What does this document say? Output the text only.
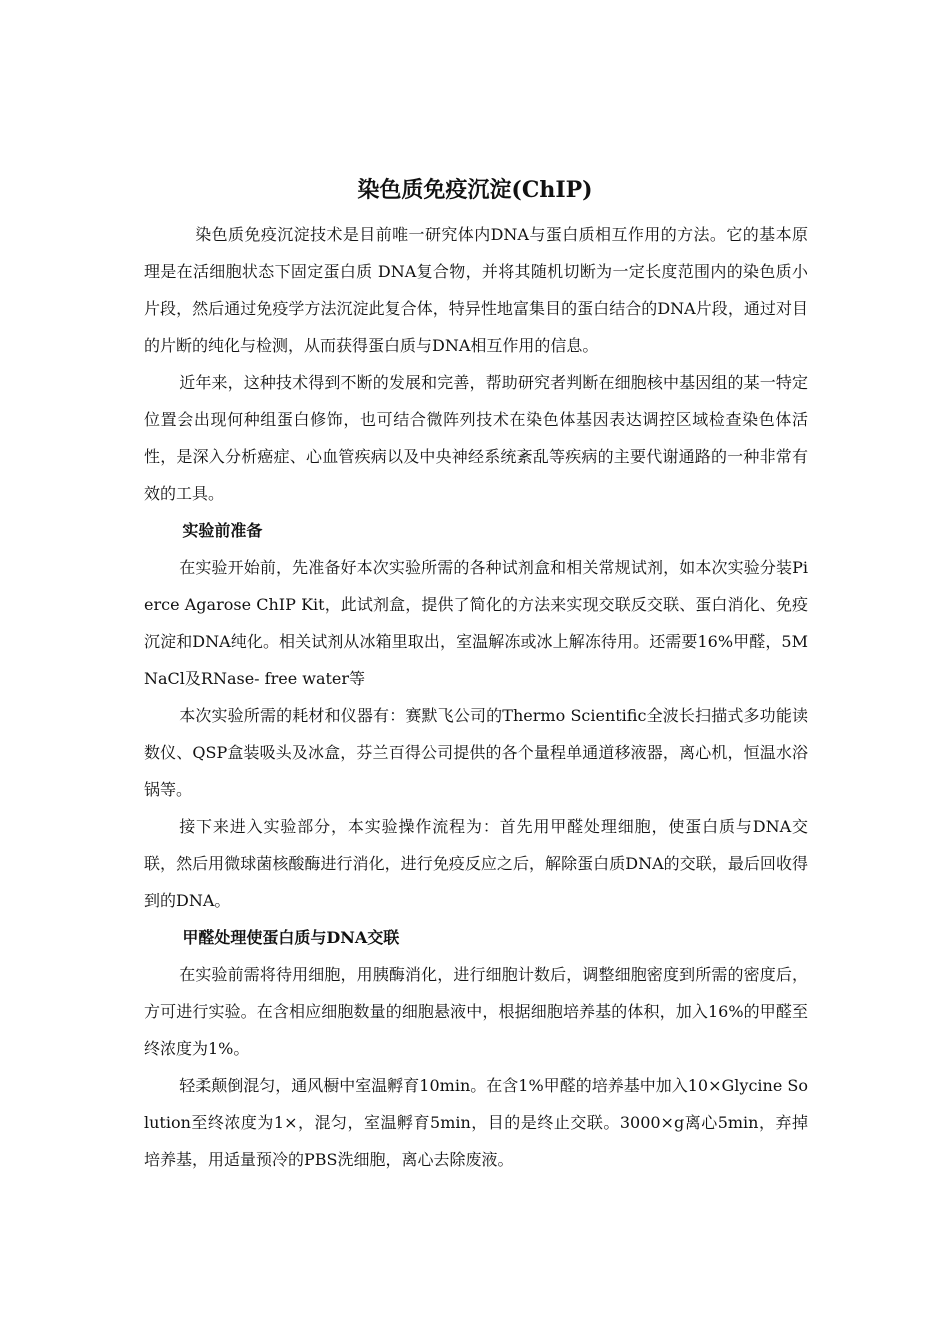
染色质免疫沉淀(ChIP)

染色质免疫沉淀技术是目前唯一研究体内DNA与蛋白质相互作用的方法。它的基本原理是在活细胞状态下固定蛋白质 DNA复合物，并将其随机切断为一定长度范围内的染色质小片段，然后通过免疫学方法沉淀此复合体，特异性地富集目的蛋白结合的DNA片段，通过对目的片断的纯化与检测，从而获得蛋白质与DNA相互作用的信息。

近年来，这种技术得到不断的发展和完善，帮助研究者判断在细胞核中基因组的某一特定位置会出现何种组蛋白修饰，也可结合微阵列技术在染色体基因表达调控区域检查染色体活性，是深入分析癌症、心血管疾病以及中央神经系统紊乱等疾病的主要代谢通路的一种非常有效的工具。

实验前准备

在实验开始前，先准备好本次实验所需的各种试剂盒和相关常规试剂，如本次实验分装Pierce Agarose ChIP Kit，此试剂盒，提供了简化的方法来实现交联反交联、蛋白消化、免疫沉淀和DNA纯化。相关试剂从冰箱里取出，室温解冻或冰上解冻待用。还需要16%甲醛，5M NaCl及RNase- free water等

本次实验所需的耗材和仪器有：赛默飞公司的Thermo Scientific全波长扫描式多功能读数仪、QSP盒装吸头及冰盒，芬兰百得公司提供的各个量程单通道移液器，离心机，恒温水浴锅等。

接下来进入实验部分，本实验操作流程为：首先用甲醛处理细胞，使蛋白质与DNA交联，然后用微球菌核酸酶进行消化，进行免疫反应之后，解除蛋白质DNA的交联，最后回收得到的DNA。

甲醛处理使蛋白质与DNA交联

在实验前需将待用细胞，用胰酶消化，进行细胞计数后，调整细胞密度到所需的密度后，方可进行实验。在含相应细胞数量的细胞悬液中，根据细胞培养基的体积，加入16%的甲醛至终浓度为1%。

轻柔颠倒混匀，通风橱中室温孵育10min。在含1%甲醛的培养基中加入10×Glycine Solution至终浓度为1×，混匀，室温孵育5min，目的是终止交联。3000×g离心5min，弃掉培养基，用适量预冷的PBS洗细胞，离心去除废液。
